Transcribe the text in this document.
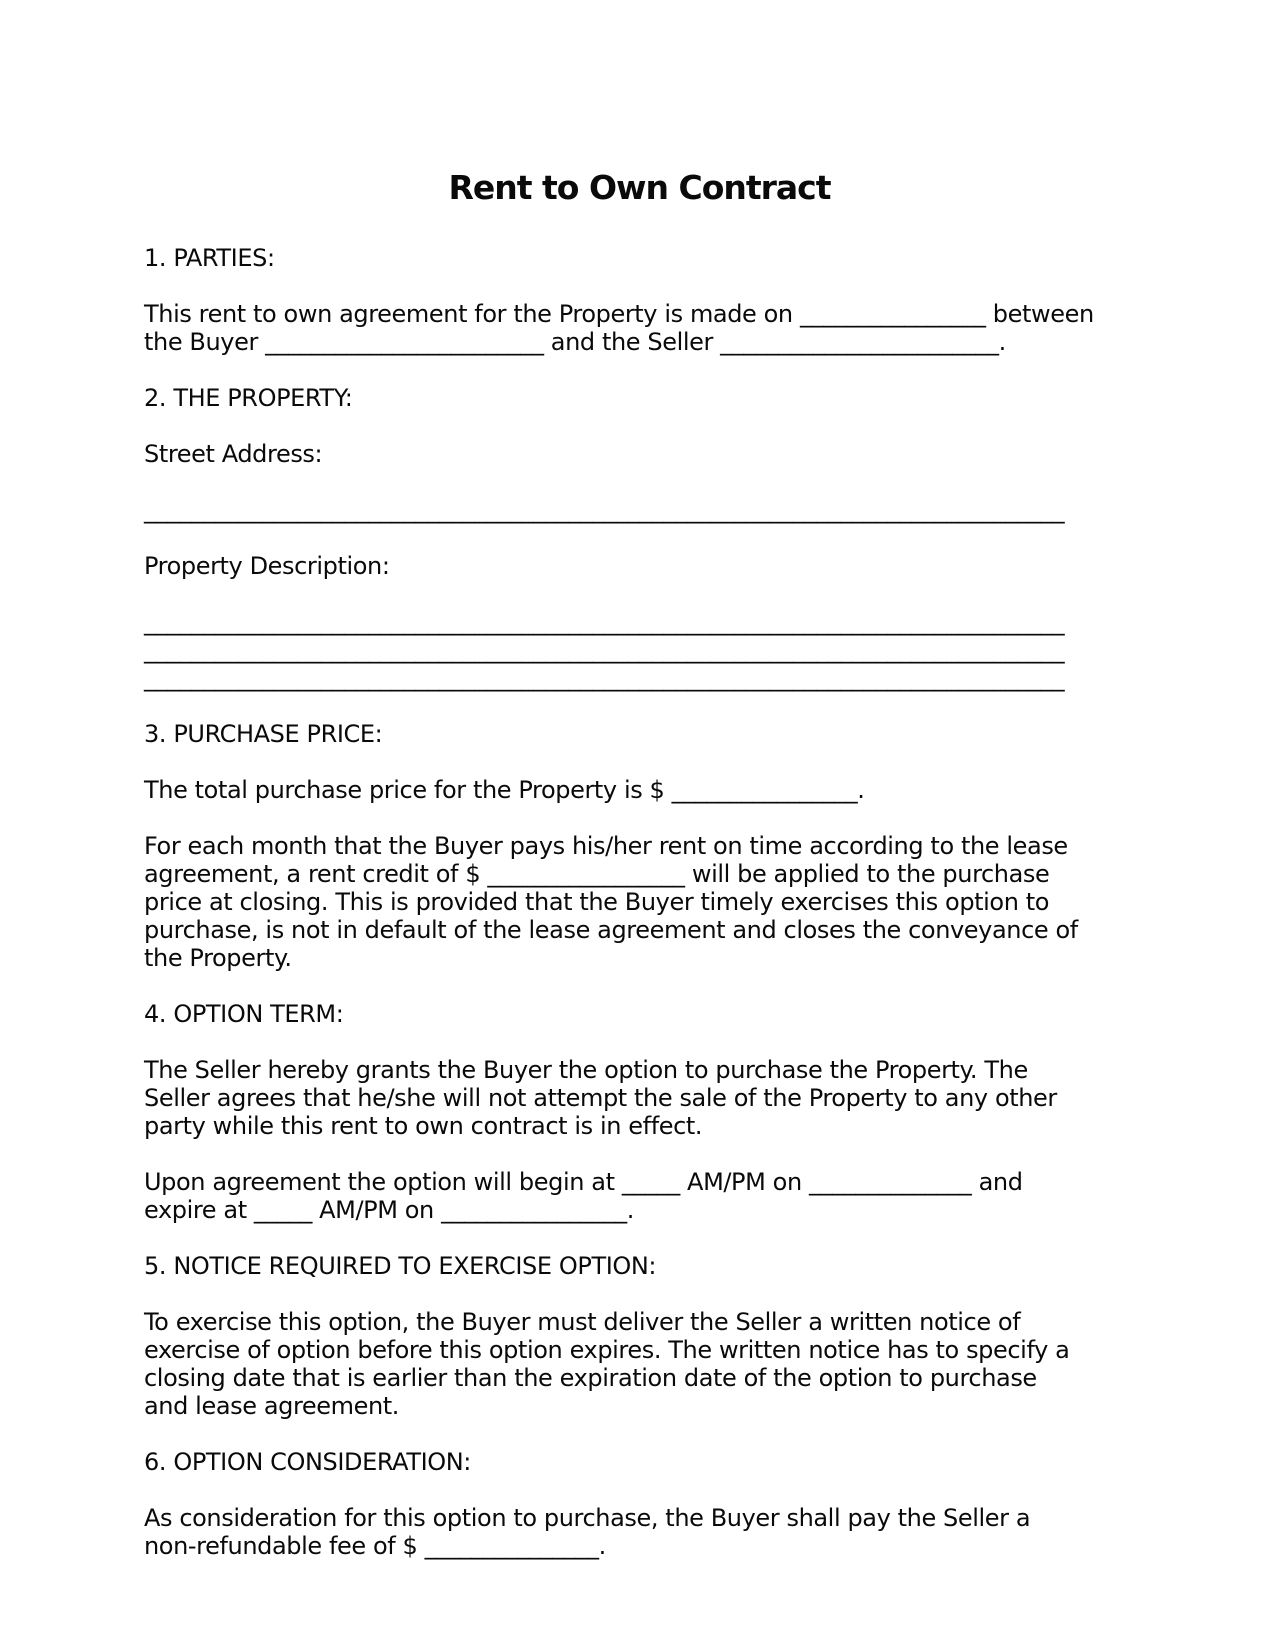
Rent to Own Contract
1. PARTIES:

This rent to own agreement for the Property is made on ________________ between
the Buyer ________________________ and the Seller ________________________.

2. THE PROPERTY:

Street Address:

______________________________________________________________________________

Property Description:

______________________________________________________________________________
______________________________________________________________________________
______________________________________________________________________________

3. PURCHASE PRICE:

The total purchase price for the Property is $ ________________.

For each month that the Buyer pays his/her rent on time according to the lease
agreement, a rent credit of $ _________________ will be applied to the purchase
price at closing. This is provided that the Buyer timely exercises this option to
purchase, is not in default of the lease agreement and closes the conveyance of
the Property.

4. OPTION TERM:

The Seller hereby grants the Buyer the option to purchase the Property. The
Seller agrees that he/she will not attempt the sale of the Property to any other
party while this rent to own contract is in effect.

Upon agreement the option will begin at _____ AM/PM on ______________ and
expire at _____ AM/PM on ________________.

5. NOTICE REQUIRED TO EXERCISE OPTION:

To exercise this option, the Buyer must deliver the Seller a written notice of
exercise of option before this option expires. The written notice has to specify a
closing date that is earlier than the expiration date of the option to purchase
and lease agreement.

6. OPTION CONSIDERATION:

As consideration for this option to purchase, the Buyer shall pay the Seller a
non-refundable fee of $ _______________.
